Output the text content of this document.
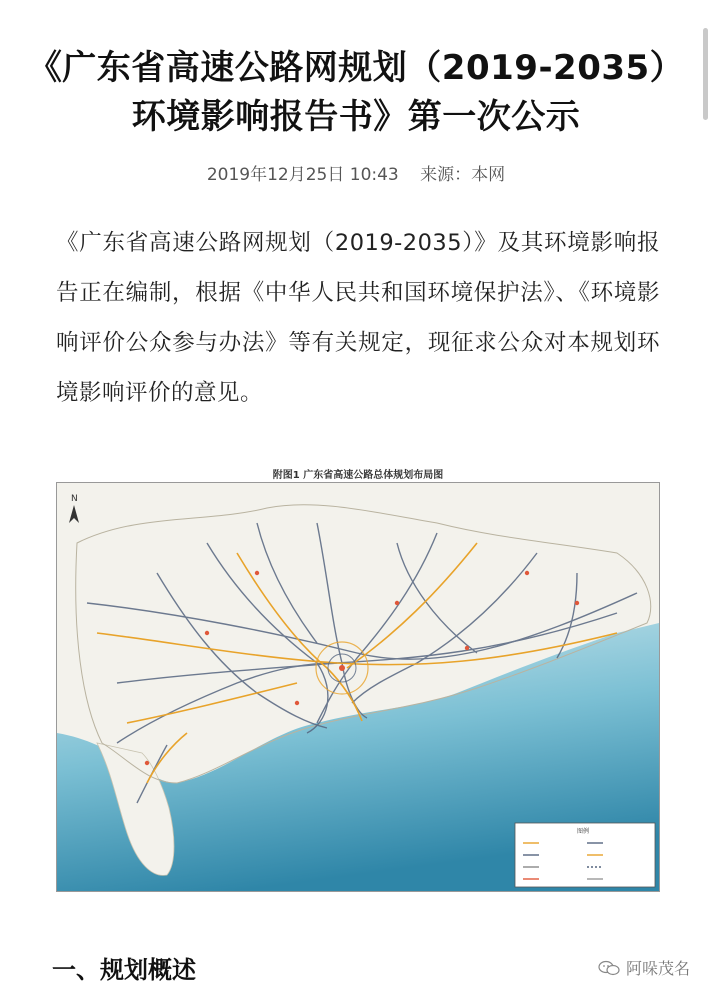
《广东省高速公路网规划（2019-2035）
环境影响报告书》第一次公示
2019年12月25日 10:43 来源：本网
《广东省高速公路网规划（2019-2035）》及其环境影响报告正在编制，根据《中华人民共和国环境保护法》、《环境影响评价公众参与办法》等有关规定，现征求公众对本规划环境影响评价的意见。
附图1 广东省高速公路总体规划布局图
N
图例
一、规划概述	阿哚茂名
